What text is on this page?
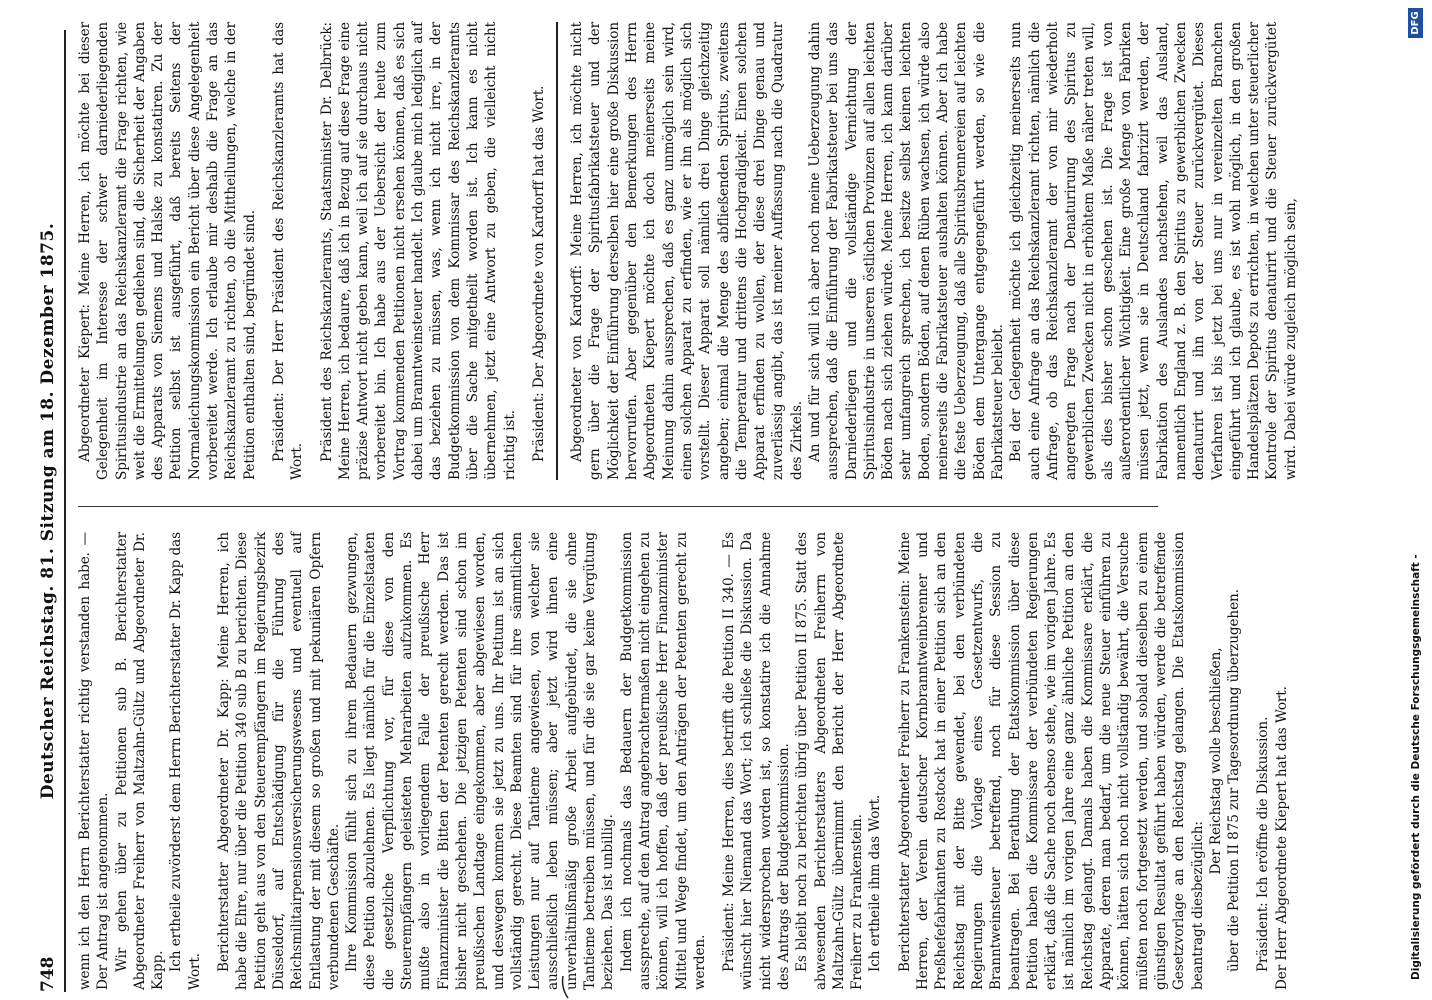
748
Deutscher Reichstag. 81. Sitzung am 18. Dezember 1875. wenn ich den Herrn Berichterstatter richtig verstanden habe. — Der Antrag ist angenommen. Wir gehen über zu Petitionen sub B. Berichterstatter Abgeordneter Freiherr von Maltzahn-Gültz und Abgeordneter Dr. Kapp. Ich ertheile zuvörderst dem Herrn Berichterstatter Dr. Kapp das Wort. Berichterstatter Abgeordneter Dr. Kapp: Meine Herren, ich habe die Ehre, nur über die Petition 340 sub B zu berichten. Diese Petition geht aus von den Steuerempfängern im Regierungsbezirk Düsseldorf, auf Entschädigung für die Führung des Reichsmilitairpensionsversicherungswesens und eventuell auf Entlastung der mit diesem so großen und mit pekuniären Opfern verbundenen Geschäfte. Ihre Kommission fühlt sich zu ihrem Bedauern gezwungen, diese Petition abzulehnen. Es liegt nämlich für die Einzelstaaten die gesetzliche Verpflichtung vor, für diese von den Steuerempfängern geleisteten Mehrarbeiten aufzukommen. Es mußte also in vorliegendem Falle der preußische Herr Finanzminister die Bitten der Petenten gerecht werden. Das ist bisher nicht geschehen. Die jetzigen Petenten sind schon im preußischen Landtage eingekommen, aber abgewiesen worden, und deswegen kommen sie jetzt zu uns. Ihr Petitum ist an sich vollständig gerecht. Diese Beamten sind für ihre sämmtlichen Leistungen nur auf Tantieme angewiesen, von welcher sie ausschließlich leben müssen; aber jetzt wird ihnen eine unverhältnißmäßig große Arbeit aufgebürdet, die sie ohne Tantieme betreiben müssen, und für die sie gar keine Vergütung beziehen. Das ist unbillig. Indem ich nochmals das Bedauern der Budgetkommission ausspreche, auf den Antrag angebrachtermaßen nicht eingehen zu können, will ich hoffen, daß der preußische Herr Finanzminister Mittel und Wege findet, um den Anträgen der Petenten gerecht zu werden. Präsident: Meine Herren, dies betrifft die Petition II 340. — Es wünscht hier Niemand das Wort; ich schließe die Diskussion. Da nicht widersprochen worden ist, so konstatire ich die Annahme des Antrags der Budgetkommission. Es bleibt noch zu berichten übrig über Petition II 875. Statt des abwesenden Berichterstatters Abgeordneten Freiherrn von Maltzahn-Gültz übernimmt den Bericht der Herr Abgeordnete Freiherr zu Frankenstein. Ich ertheile ihm das Wort. Berichterstatter Abgeordneter Freiherr zu Frankenstein: Meine Herren, der Verein deutscher Kornbranntweinbrenner und Preßhefefabrikanten zu Rostock hat in einer Petition sich an den Reichstag mit der Bitte gewendet, bei den verbündeten Regierungen die Vorlage eines Gesetzentwurfs, die Branntweinsteuer betreffend, noch für diese Session zu beantragen. Bei Berathung der Etatskommission über diese Petition haben die Kommissare der verbündeten Regierungen erklärt, daß die Sache noch ebenso stehe, wie im vorigen Jahre. Es ist nämlich im vorigen Jahre eine ganz ähnliche Petition an den Reichstag gelangt. Damals haben die Kommissare erklärt, die Apparate, deren man bedarf, um die neue Steuer einführen zu können, hätten sich noch nicht vollständig bewährt, die Versuche müßten noch fortgesetzt werden, und sobald dieselben zu einem günstigen Resultat geführt haben würden, werde die betreffende Gesetzvorlage an den Reichstag gelangen. Die Etatskommission beantragt diesbezüglich:

Der Reichstag wolle beschließen, über die Petition II 875 zur Tagesordnung überzugehen. Präsident: Ich eröffne die Diskussion. Der Herr Abgeordnete Kiepert hat das Wort.

Abgeordneter Kiepert: Meine Herren, ich möchte bei dieser Gelegenheit im Interesse der schwer darniederliegenden Spiritusindustrie an das Reichskanzleramt die Frage richten, wie weit die Ermittelungen gediehen sind, die Sicherheit der Angaben des Apparats von Siemens und Halske zu konstatiren. Zu der Petition selbst ist ausgeführt, daß bereits Seitens der Normaleichungskommission ein Bericht über diese Angelegenheit vorbereitet werde. Ich erlaube mir deshalb die Frage an das Reichskanzleramt zu richten, ob die Mittheilungen, welche in der Petition enthalten sind, begründet sind. Präsident: Der Herr Präsident des Reichskanzleramts hat das Wort. Präsident des Reichskanzleramts, Staatsminister Dr. Delbrück: Meine Herren, ich bedaure, daß ich in Bezug auf diese Frage eine präzise Antwort nicht geben kann, weil ich auf sie durchaus nicht vorbereitet bin. Ich habe aus der Uebersicht der heute zum Vortrag kommenden Petitionen nicht ersehen können, daß es sich dabei um Branntweinsteuer handelt. Ich glaube mich lediglich auf das beziehen zu müssen, was, wenn ich nicht irre, in der Budgetkommission von dem Kommissar des Reichskanzleramts über die Sache mitgetheilt worden ist. Ich kann es nicht übernehmen, jetzt eine Antwort zu geben, die vielleicht nicht richtig ist. Präsident: Der Abgeordnete von Kardorff hat das Wort. Abgeordneter von Kardorff: Meine Herren, ich möchte nicht gern über die Frage der Spiritusfabrikatsteuer und der Möglichkeit der Einführung derselben hier eine große Diskussion hervorrufen. Aber gegenüber den Bemerkungen des Herrn Abgeordneten Kiepert möchte ich doch meinerseits meine Meinung dahin aussprechen, daß es ganz unmöglich sein wird, einen solchen Apparat zu erfinden, wie er ihn als möglich sich vorstellt. Dieser Apparat soll nämlich drei Dinge gleichzeitig angeben; einmal die Menge des abfließenden Spiritus, zweitens die Temperatur und drittens die Hochgradigkeit. Einen solchen Apparat erfinden zu wollen, der diese drei Dinge genau und zuverlässig angibt, das ist meiner Auffassung nach die Quadratur des Zirkels. An und für sich will ich aber noch meine Ueberzeugung dahin aussprechen, daß die Einführung der Fabrikatsteuer bei uns das Darniederliegen und die vollständige Vernichtung der Spiritusindustrie in unseren östlichen Provinzen auf allen leichten Böden nach sich ziehen würde. Meine Herren, ich kann darüber sehr umfangreich sprechen, ich besitze selbst keinen leichten Boden, sondern Böden, auf denen Rüben wachsen, ich würde also meinerseits die Fabrikatsteuer aushalten können. Aber ich habe die feste Ueberzeugung, daß alle Spiritusbrennereien auf leichten Böden dem Untergange entgegengeführt werden, so wie die Fabrikatsteuer beliebt. Bei der Gelegenheit möchte ich gleichzeitig meinerseits nun auch eine Anfrage an das Reichskanzleramt richten, nämlich die Anfrage, ob das Reichskanzleramt der von mir wiederholt angeregten Frage nach der Denaturirung des Spiritus zu gewerblichen Zwecken nicht in erhöhtem Maße näher treten will, als dies bisher schon geschehen ist. Die Frage ist von außerordentlicher Wichtigkeit. Eine große Menge von Fabriken müssen jetzt, wenn sie in Deutschland fabrizirt werden, der Fabrikation des Auslandes nachstehen, weil das Ausland, namentlich England z. B. den Spiritus zu gewerblichen Zwecken denaturirt und ihn von der Steuer zurückvergütet. Dieses Verfahren ist bis jetzt bei uns nur in vereinzelten Branchen eingeführt und ich glaube, es ist wohl möglich, in den großen Handelsplätzen Depots zu errichten, in welchen unter steuerlicher Kontrole der Spiritus denaturirt und die Steuer zurückvergütet wird. Dabei würde zugleich möglich sein,

Digitalisierung gefördert durch die Deutsche Forschungsgemeinschaft -
DFG
